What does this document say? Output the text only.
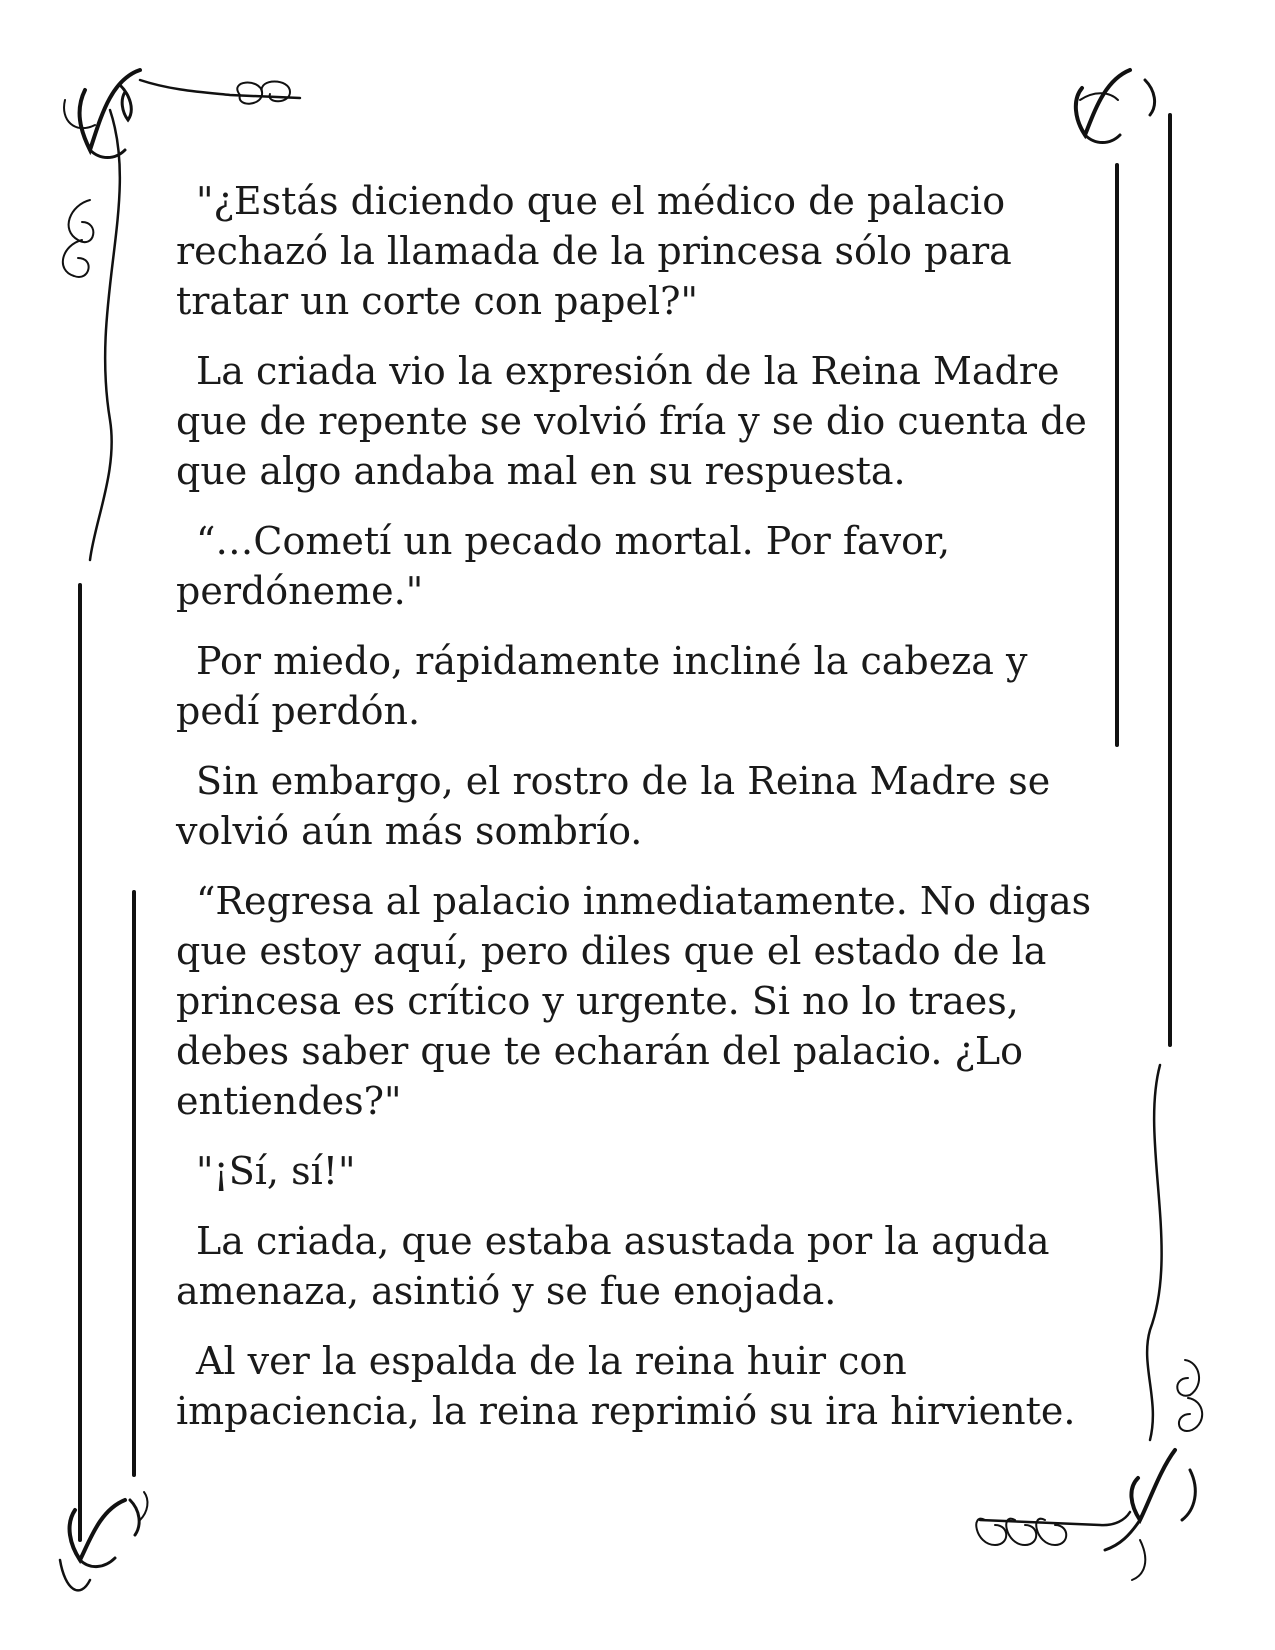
"¿Estás diciendo que el médico de palacio rechazó la llamada de la princesa sólo para tratar un corte con papel?"

La criada vio la expresión de la Reina Madre que de repente se volvió fría y se dio cuenta de que algo andaba mal en su respuesta.

“…Cometí un pecado mortal. Por favor, perdóneme."

Por miedo, rápidamente incliné la cabeza y pedí perdón.

Sin embargo, el rostro de la Reina Madre se volvió aún más sombrío.

“Regresa al palacio inmediatamente. No digas que estoy aquí, pero diles que el estado de la princesa es crítico y urgente. Si no lo traes, debes saber que te echarán del palacio. ¿Lo entiendes?"

"¡Sí, sí!"

La criada, que estaba asustada por la aguda amenaza, asintió y se fue enojada.

Al ver la espalda de la reina huir con impaciencia, la reina reprimió su ira hirviente.
